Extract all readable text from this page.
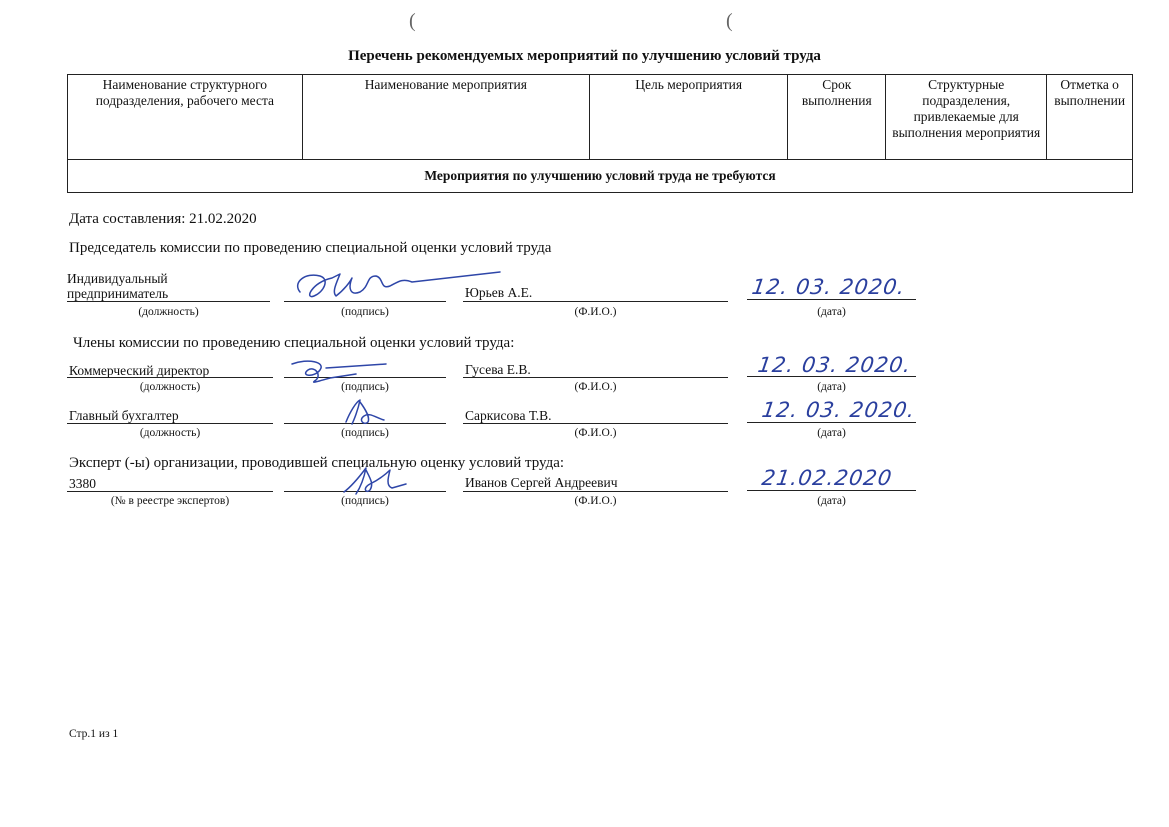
(	(
Перечень рекомендуемых мероприятий по улучшению условий труда
Наименование структурного подразделения, рабочего места	Наименование мероприятия	Цель мероприятия	Срок выполнения	Структурные подразделения, привлекаемые для выполнения мероприятия	Отметка о выполнении
Мероприятия по улучшению условий труда не требуются
Дата составления: 21.02.2020
Председатель комиссии по проведению специальной оценки условий труда
Индивидуальный
предприниматель	Юрьев А.Е.	12. 03. 2020.
(должность)	(подпись)	(Ф.И.О.)	(дата)
Члены комиссии по проведению специальной оценки условий труда:
Коммерческий директор	Гусева Е.В.	12. 03. 2020.
(должность)	(подпись)	(Ф.И.О.)	(дата)
Главный бухгалтер	Саркисова Т.В.	12. 03. 2020.
(должность)	(подпись)	(Ф.И.О.)	(дата)
Эксперт (-ы) организации, проводившей специальную оценку условий труда:
3380	Иванов Сергей Андреевич	21.02.2020
(№ в реестре экспертов)	(подпись)	(Ф.И.О.)	(дата)
Стр.1 из 1
